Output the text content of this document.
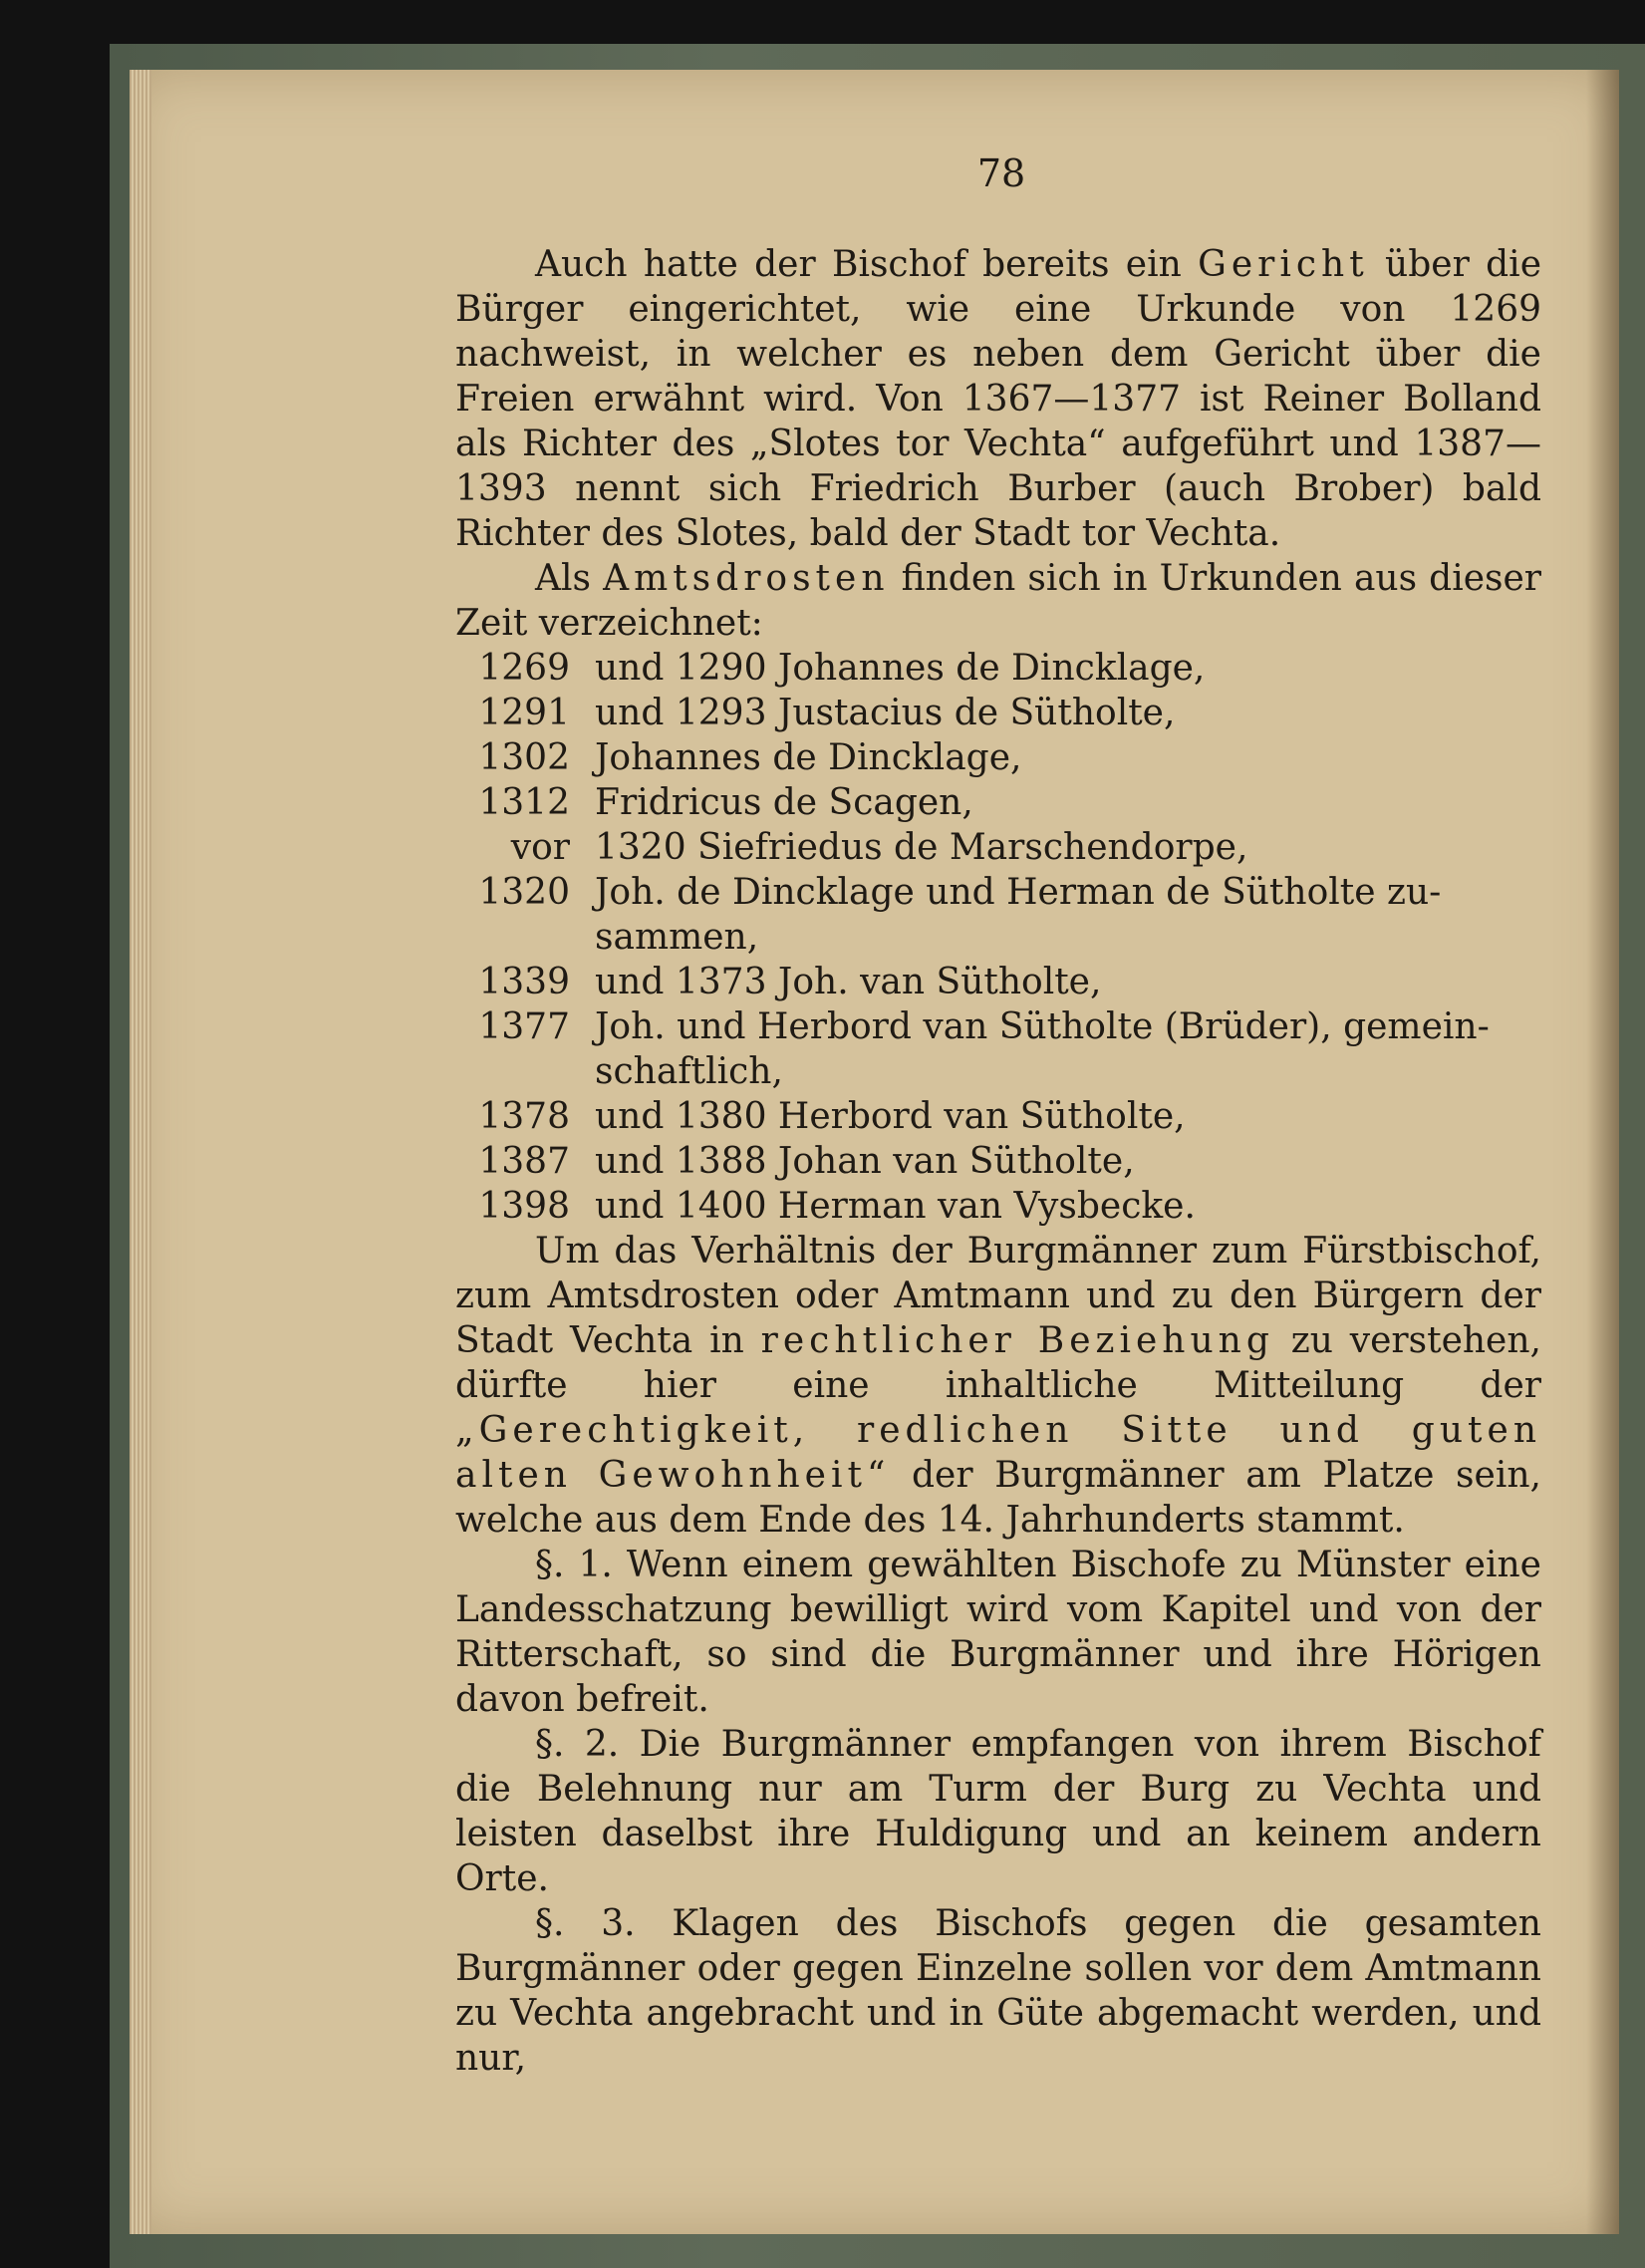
78

Auch hatte der Bischof bereits ein Gericht über die Bürger eingerichtet, wie eine Urkunde von 1269 nachweist, in welcher es neben dem Gericht über die Freien erwähnt wird. Von 1367—1377 ist Reiner Bolland als Richter des „Slotes tor Vechta“ aufgeführt und 1387—1393 nennt sich Friedrich Burber (auch Brober) bald Richter des Slotes, bald der Stadt tor Vechta.

Als Amtsdrosten finden sich in Urkunden aus dieser Zeit verzeichnet:

1269 und 1290 Johannes de Dincklage,
1291 und 1293 Justacius de Sütholte,
1302 Johannes de Dincklage,
1312 Fridricus de Scagen,
vor 1320 Siefriedus de Marschendorpe,
1320 Joh. de Dincklage und Herman de Sütholte zu-
sammen,
1339 und 1373 Joh. van Sütholte,
1377 Joh. und Herbord van Sütholte (Brüder), gemein-
schaftlich,
1378 und 1380 Herbord van Sütholte,
1387 und 1388 Johan van Sütholte,
1398 und 1400 Herman van Vysbecke.

Um das Verhältnis der Burgmänner zum Fürstbischof, zum Amtsdrosten oder Amtmann und zu den Bürgern der Stadt Vechta in rechtlicher Beziehung zu verstehen, dürfte hier eine inhaltliche Mitteilung der „Gerechtigkeit, redlichen Sitte und guten alten Gewohnheit“ der Burgmänner am Platze sein, welche aus dem Ende des 14. Jahrhunderts stammt.

§. 1. Wenn einem gewählten Bischofe zu Münster eine Landesschatzung bewilligt wird vom Kapitel und von der Ritterschaft, so sind die Burgmänner und ihre Hörigen davon befreit.

§. 2. Die Burgmänner empfangen von ihrem Bischof die Belehnung nur am Turm der Burg zu Vechta und leisten daselbst ihre Huldigung und an keinem andern Orte.

§. 3. Klagen des Bischofs gegen die gesamten Burgmänner oder gegen Einzelne sollen vor dem Amtmann zu Vechta angebracht und in Güte abgemacht werden, und nur,
